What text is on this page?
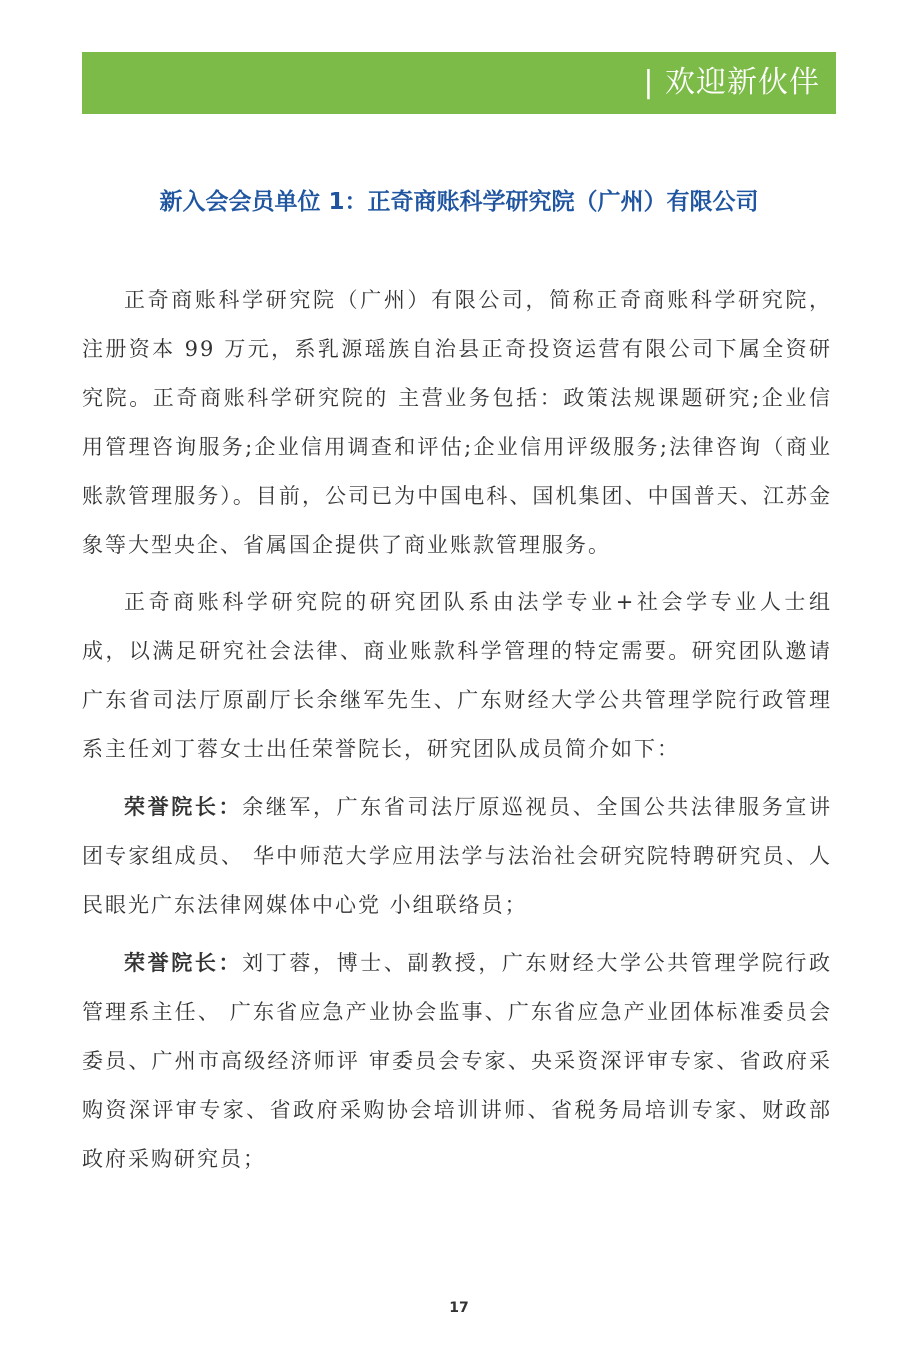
| 欢迎新伙伴
新入会会员单位 1：正奇商账科学研究院（广州）有限公司

正奇商账科学研究院（广州）有限公司，简称正奇商账科学研究院，注册资本 99 万元，系乳源瑶族自治县正奇投资运营有限公司下属全资研究院。正奇商账科学研究院的 主营业务包括：政策法规课题研究;企业信用管理咨询服务;企业信用调查和评估;企业信用评级服务;法律咨询（商业账款管理服务）。目前，公司已为中国电科、国机集团、中国普天、江苏金象等大型央企、省属国企提供了商业账款管理服务。

正奇商账科学研究院的研究团队系由法学专业+社会学专业人士组成，以满足研究社会法律、商业账款科学管理的特定需要。研究团队邀请广东省司法厅原副厅长余继军先生、广东财经大学公共管理学院行政管理系主任刘丁蓉女士出任荣誉院长，研究团队成员简介如下：

荣誉院长：余继军，广东省司法厅原巡视员、全国公共法律服务宣讲团专家组成员、 华中师范大学应用法学与法治社会研究院特聘研究员、人民眼光广东法律网媒体中心党 小组联络员；

荣誉院长：刘丁蓉，博士、副教授，广东财经大学公共管理学院行政管理系主任、 广东省应急产业协会监事、广东省应急产业团体标准委员会委员、广州市高级经济师评 审委员会专家、央采资深评审专家、省政府采购资深评审专家、省政府采购协会培训讲师、省税务局培训专家、财政部政府采购研究员；

17
